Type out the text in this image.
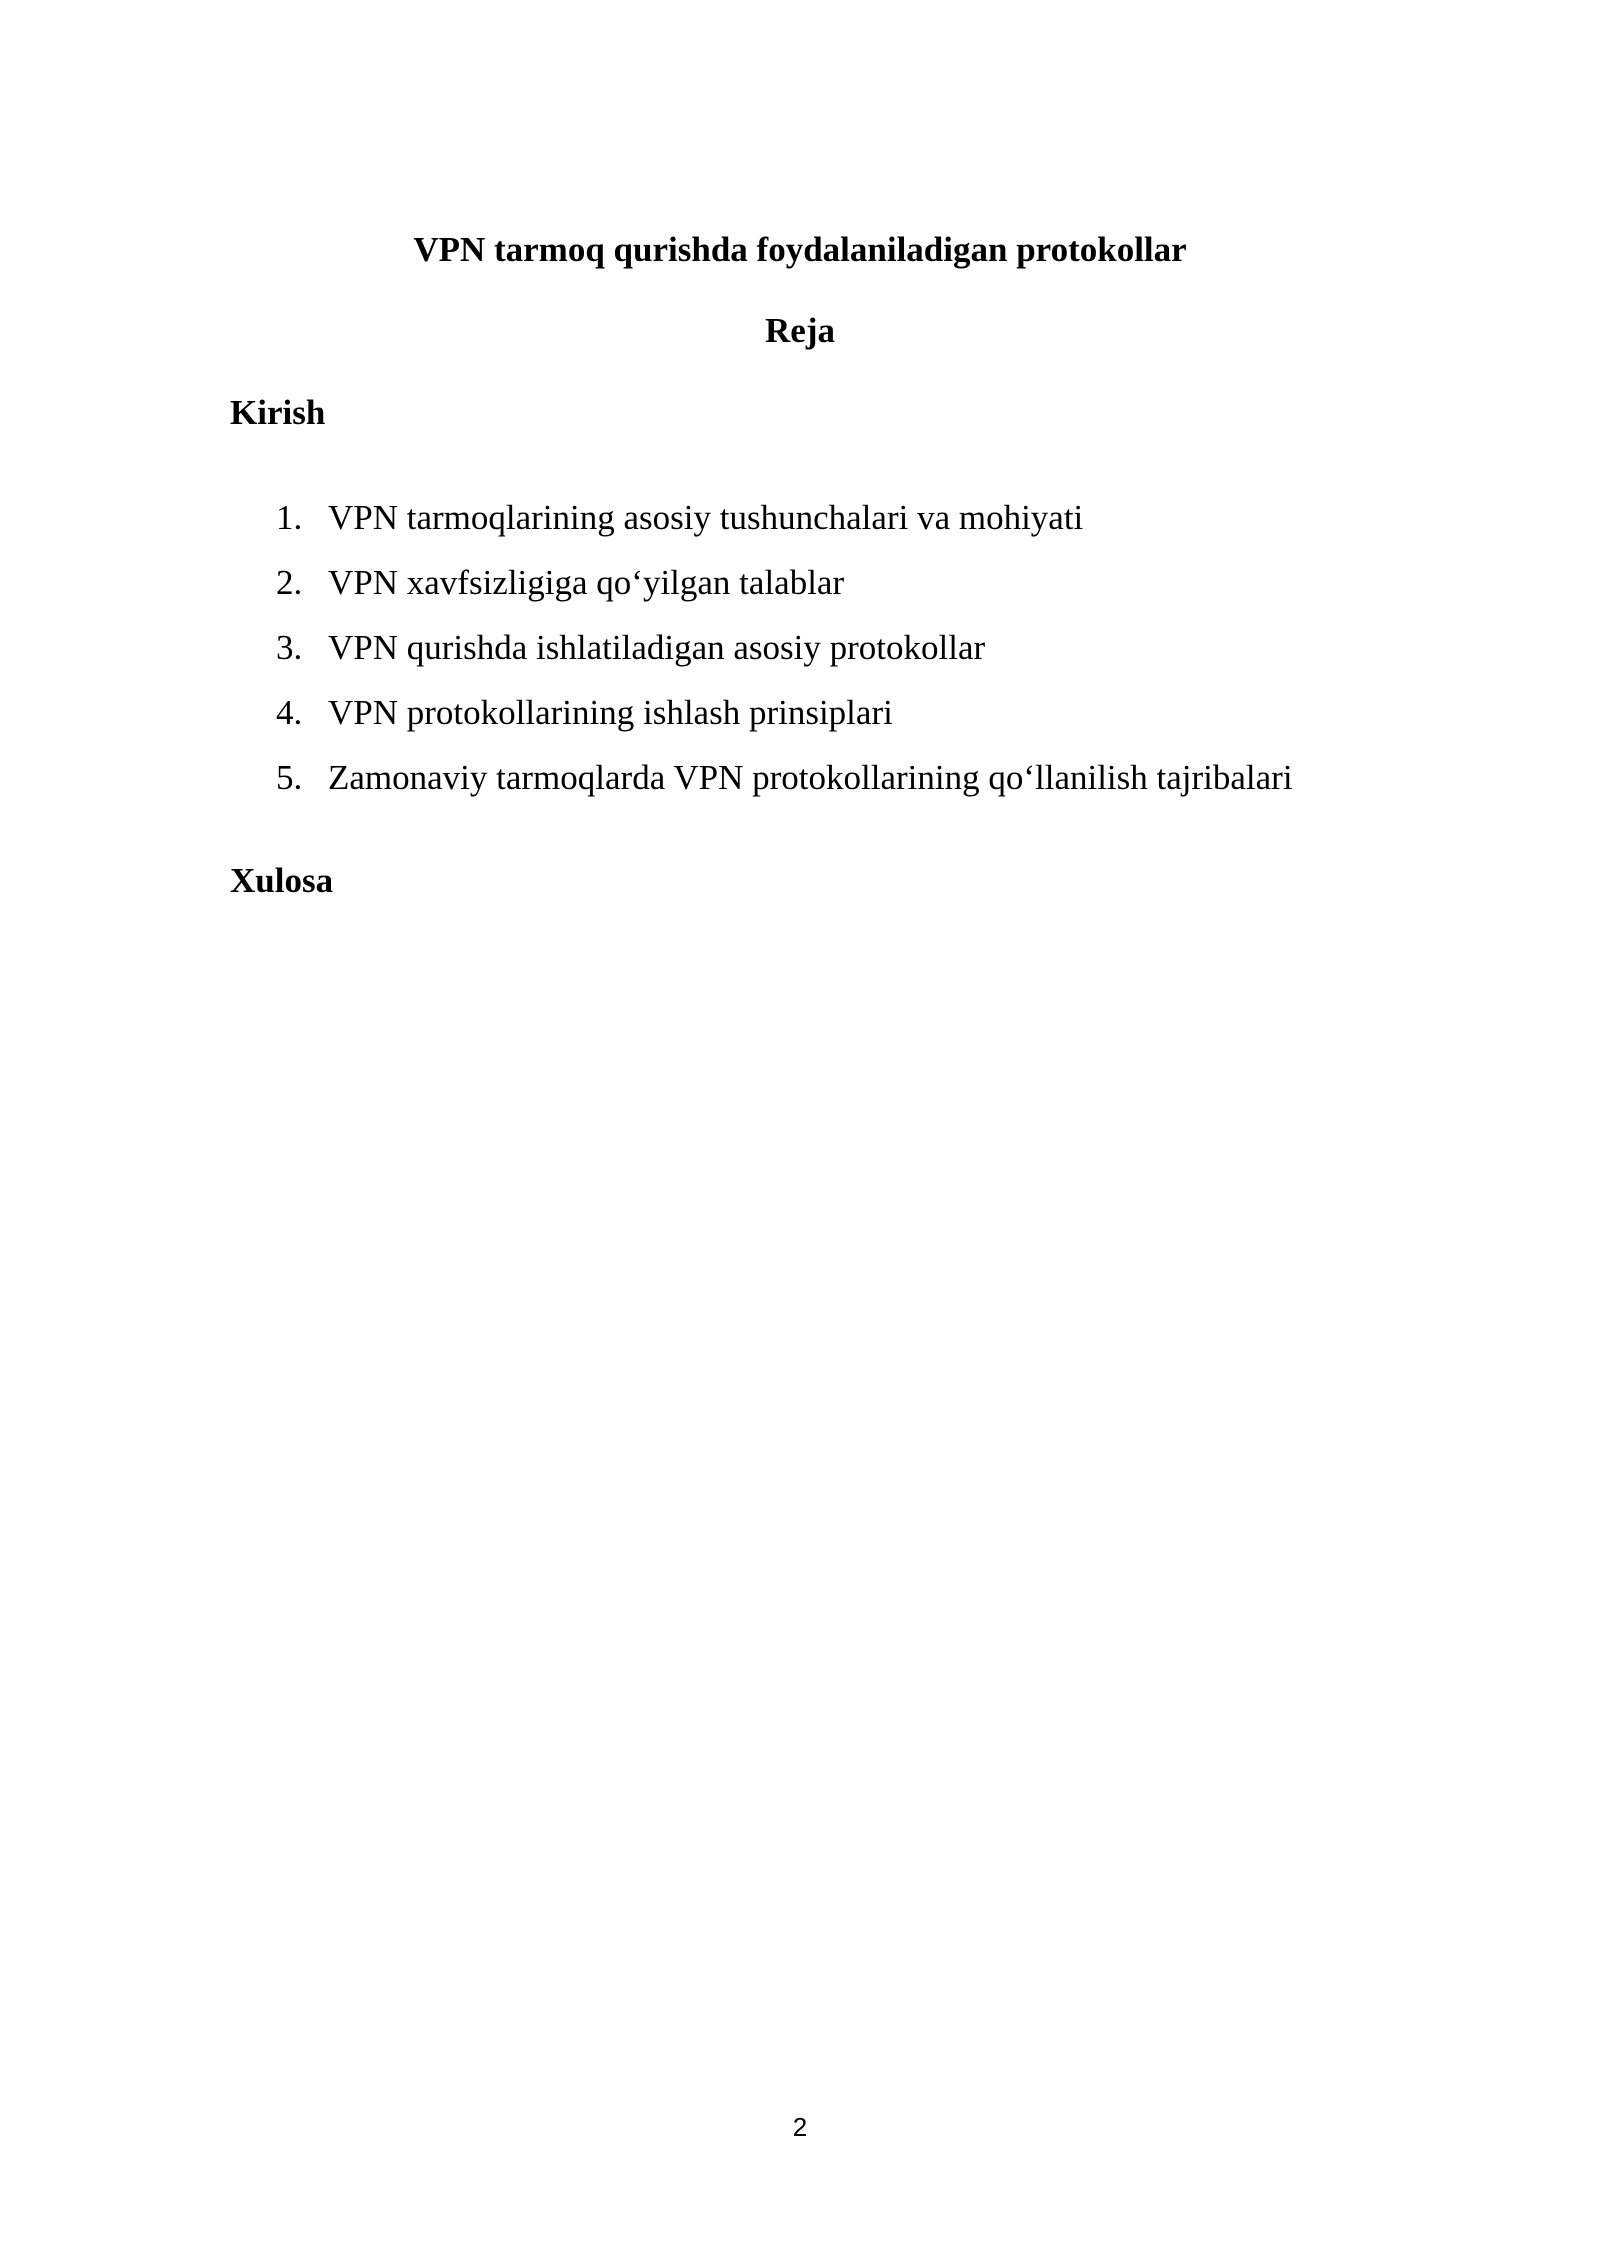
VPN tarmoq qurishda foydalaniladigan protokollar
Reja
Kirish
1. VPN tarmoqlarining asosiy tushunchalari va mohiyati
2. VPN xavfsizligiga qo‘yilgan talablar
3. VPN qurishda ishlatiladigan asosiy protokollar
4. VPN protokollarining ishlash prinsiplari
5. Zamonaviy tarmoqlarda VPN protokollarining qo‘llanilish tajribalari
Xulosa
2
